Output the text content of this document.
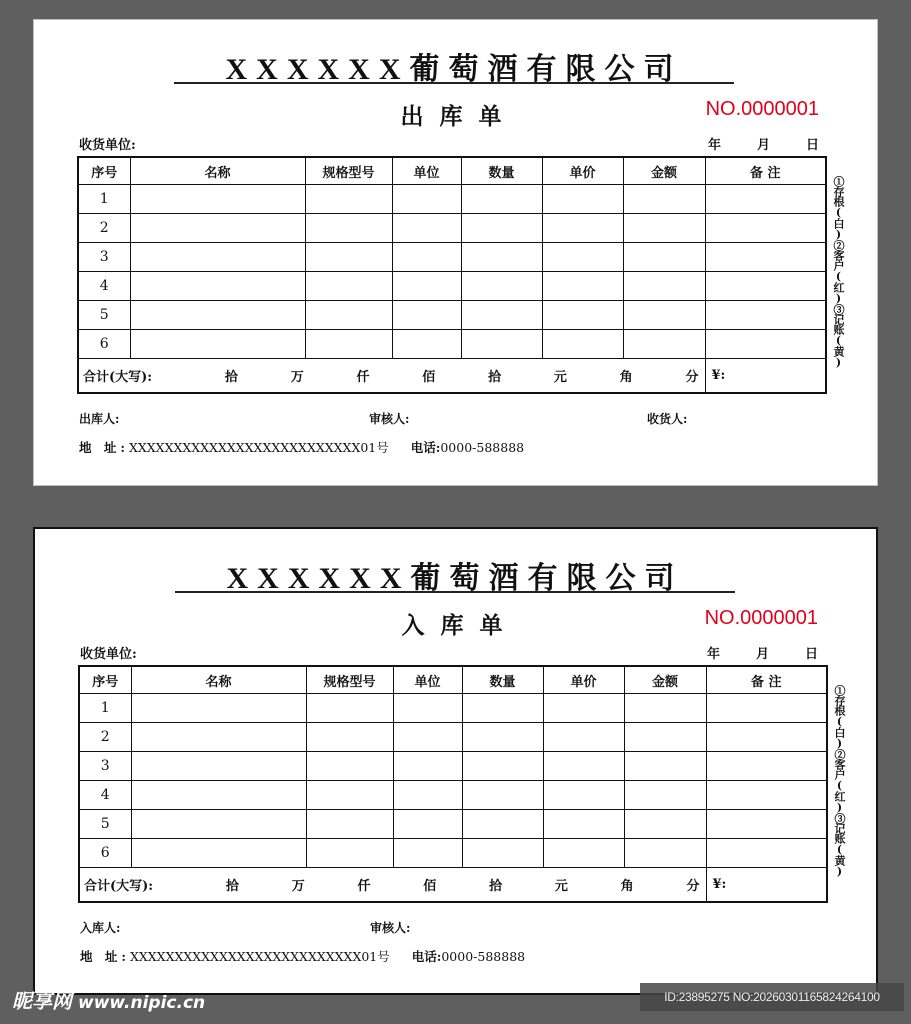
XXXXXX葡萄酒有限公司
出库单	NO.0000001
收货单位:	年	月	日
序号	名称	规格型号	单位	数量	单价	金额	备 注
1							
2							
3							
4							
5							
6							

合计(大写):	拾	万	仟	佰	拾	元	角	分	¥:
①存根(白)②客户(红)③记账(黄)
出库人:	审核人:	收货人:
地 址:XXXXXXXXXXXXXXXXXXXXXXXXXX01号 电话:0000-588888
XXXXXX葡萄酒有限公司
入库单	NO.0000001
收货单位:	年	月	日
序号	名称	规格型号	单位	数量	单价	金额	备 注
1							
2							
3							
4							
5							
6							

合计(大写):	拾	万	仟	佰	拾	元	角	分	¥:
①存根(白)②客户(红)③记账(黄)
入库人:	审核人:
地 址:XXXXXXXXXXXXXXXXXXXXXXXXXX01号 电话:0000-588888
昵享网 www.nipic.cn	ID:23895275 NO:20260301165824264100
